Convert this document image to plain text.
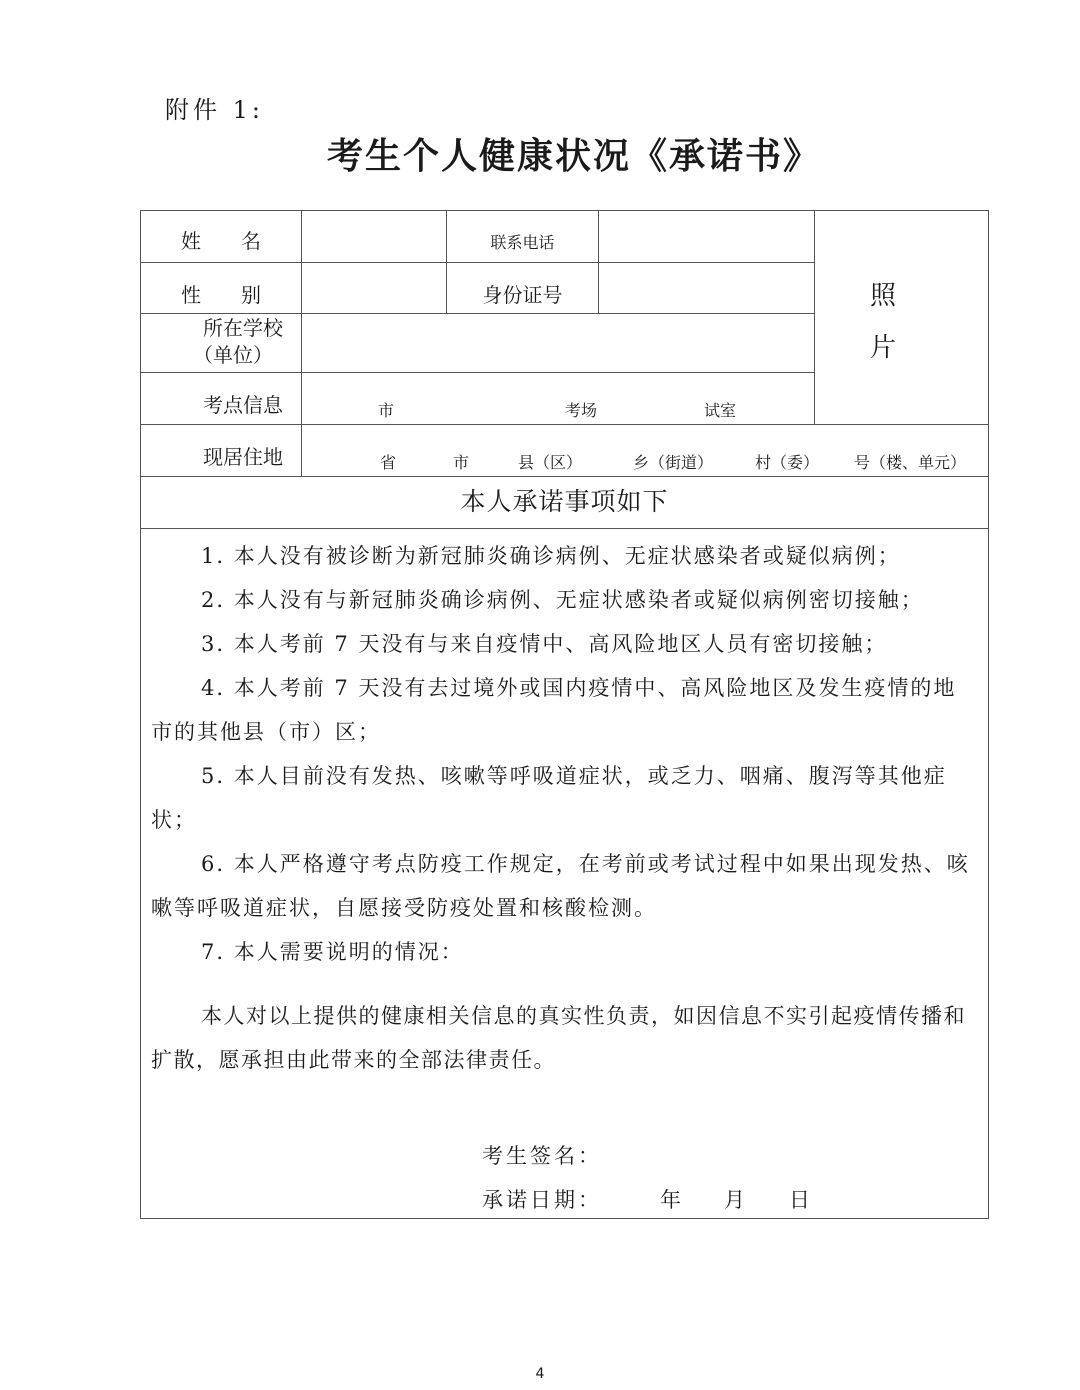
附件 1:
考生个人健康状况《承诺书》
姓　　名	联系电话
性　　别	身份证号
所在学校
（单位）
考点信息	市	考场	试室
现居住地	省	市	县（区）	乡（街道）	村（委） 号（楼、单元）
照
片
本人承诺事项如下
1. 本人没有被诊断为新冠肺炎确诊病例、无症状感染者或疑似病例；
2. 本人没有与新冠肺炎确诊病例、无症状感染者或疑似病例密切接触；
3. 本人考前 7 天没有与来自疫情中、高风险地区人员有密切接触；
4. 本人考前 7 天没有去过境外或国内疫情中、高风险地区及发生疫情的地市的其他县（市）区；
5. 本人目前没有发热、咳嗽等呼吸道症状，或乏力、咽痛、腹泻等其他症状；
6. 本人严格遵守考点防疫工作规定，在考前或考试过程中如果出现发热、咳嗽等呼吸道症状，自愿接受防疫处置和核酸检测。
7. 本人需要说明的情况：
本人对以上提供的健康相关信息的真实性负责，如因信息不实引起疫情传播和扩散，愿承担由此带来的全部法律责任。
考生签名：
承诺日期：	年 月 日
4
